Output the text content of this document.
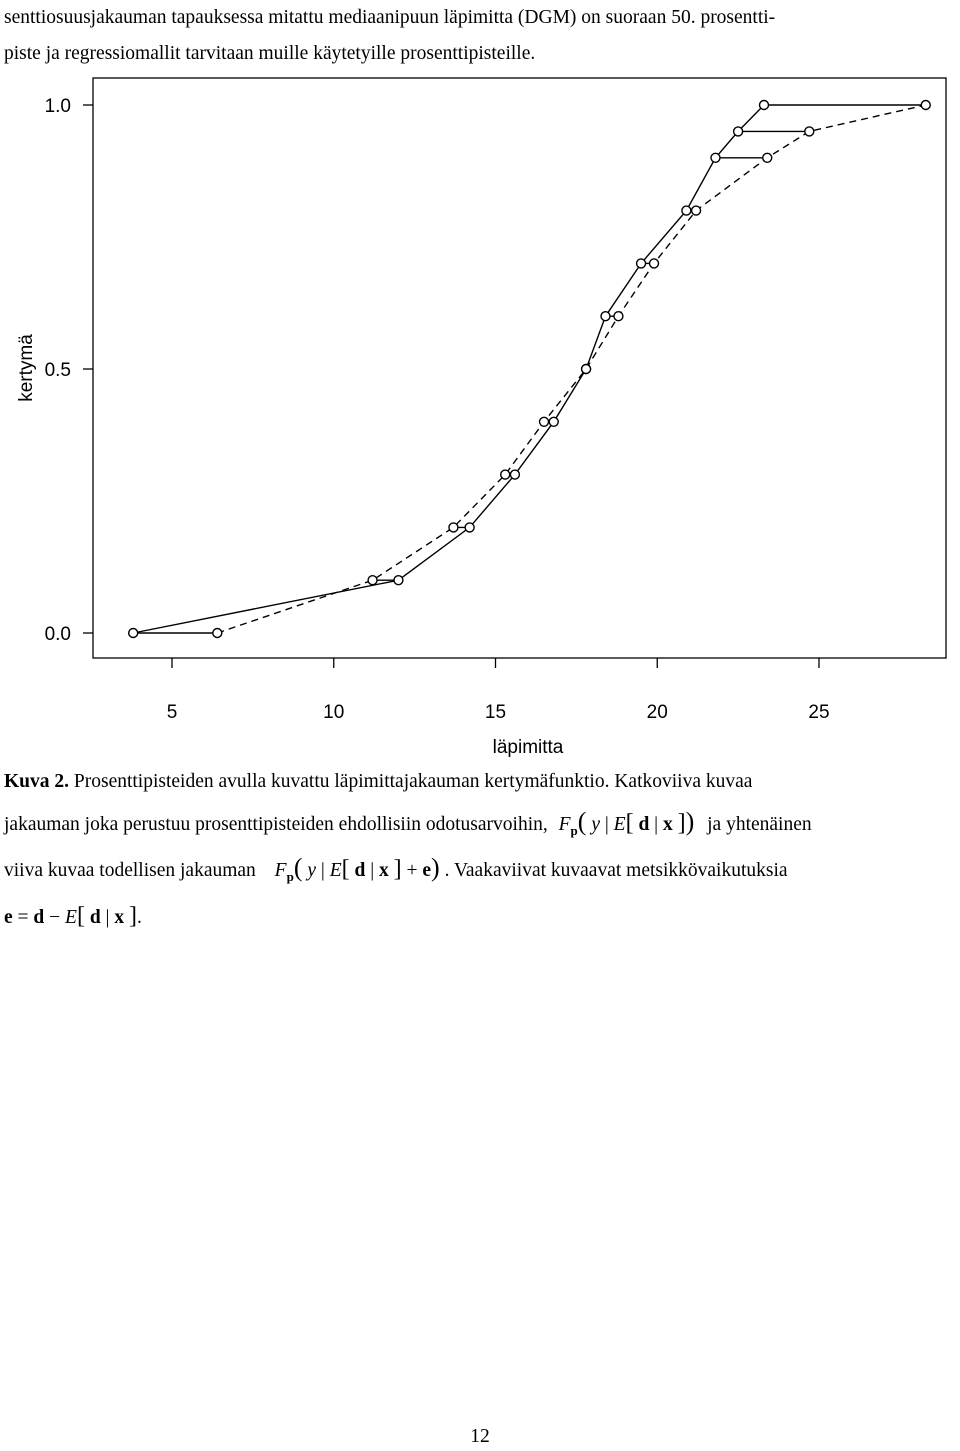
senttiosuusjakauman tapauksessa mitattu mediaanipuun läpimitta (DGM) on suoraan 50. prosentti-

piste ja regressiomallit tarvitaan muille käytetyille prosenttipisteille.

0.0
0.5
1.0
5	10	15	20	25
läpimitta
kertymä
Kuva 2. Prosenttipisteiden avulla kuvattu läpimittajakauman kertymäfunktio. Katkoviiva kuvaa
jakauman joka perustuu prosenttipisteiden ehdollisiin odotusarvoihin, $F_p$( y | E[ d | x ]) ja yhtenäinen
viiva kuvaa todellisen jakauman $F_p$( y | E[ d | x ] + e) . Vaakaviivat kuvaavat metsikkövaikutuksia
e = d − E[ d | x ].
12
